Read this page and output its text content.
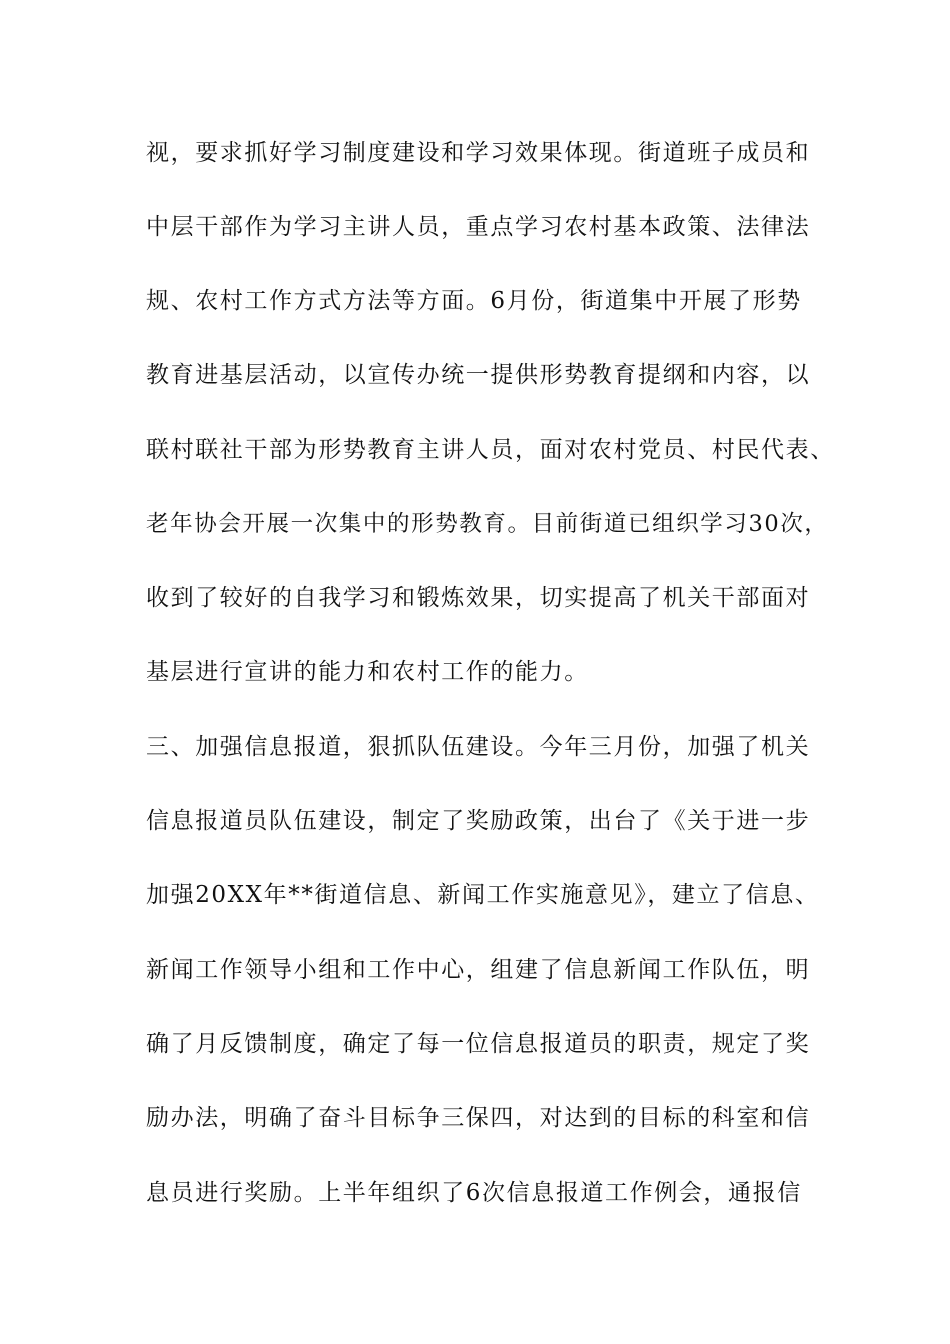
视，要求抓好学习制度建设和学习效果体现。街道班子成员和
中层干部作为学习主讲人员，重点学习农村基本政策、法律法
规、农村工作方式方法等方面。6月份，街道集中开展了形势
教育进基层活动，以宣传办统一提供形势教育提纲和内容，以
联村联社干部为形势教育主讲人员，面对农村党员、村民代表、
老年协会开展一次集中的形势教育。目前街道已组织学习30次，
收到了较好的自我学习和锻炼效果，切实提高了机关干部面对
基层进行宣讲的能力和农村工作的能力。
三、加强信息报道，狠抓队伍建设。今年三月份，加强了机关
信息报道员队伍建设，制定了奖励政策，出台了《关于进一步
加强20XX年**街道信息、新闻工作实施意见》，建立了信息、
新闻工作领导小组和工作中心，组建了信息新闻工作队伍，明
确了月反馈制度，确定了每一位信息报道员的职责，规定了奖
励办法，明确了奋斗目标争三保四，对达到的目标的科室和信
息员进行奖励。上半年组织了6次信息报道工作例会，通报信
